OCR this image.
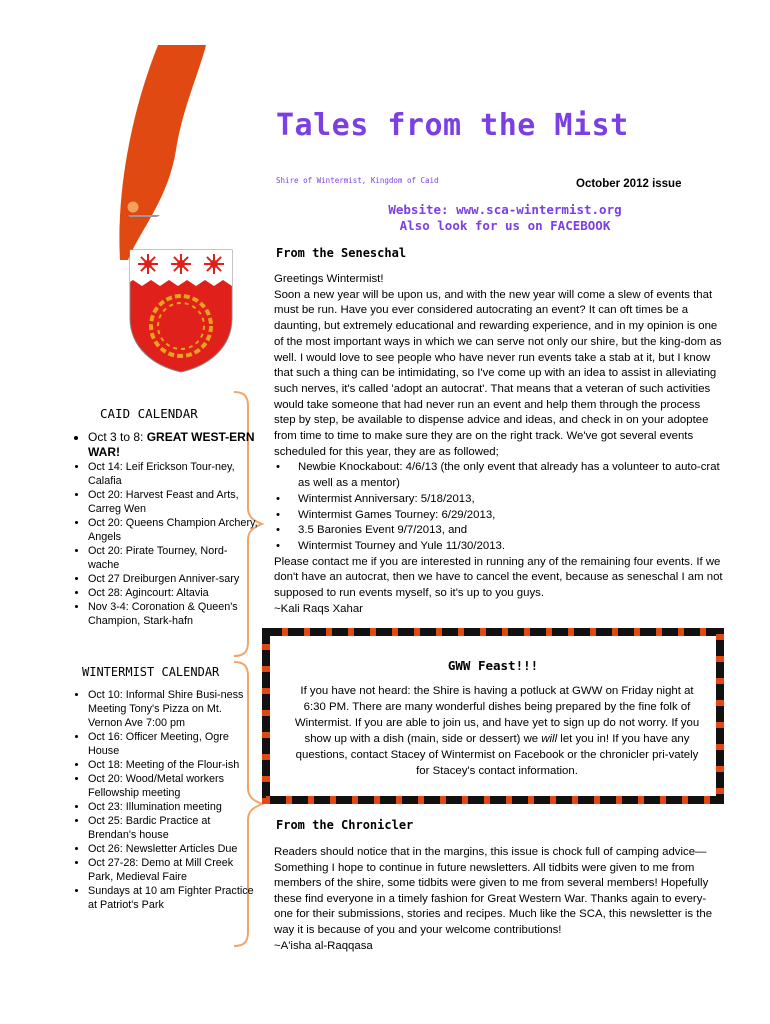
Tales from the Mist
Shire of Wintermist, Kingdom of Caid	October 2012 issue
Website: www.sca-wintermist.org
Also look for us on FACEBOOK
From the Seneschal

Greetings Wintermist!

Soon a new year will be upon us, and with the new year will come a slew of events that must be run. Have you ever considered autocrating an event? It can oft times be a daunting, but extremely educational and rewarding experience, and in my opinion is one of the most important ways in which we can serve not only our shire, but the king-dom as well. I would love to see people who have never run events take a stab at it, but I know that such a thing can be intimidating, so I've come up with an idea to assist in alleviating such nerves, it's called 'adopt an autocrat'. That means that a veteran of such activities would take someone that had never run an event and help them through the process step by step, be available to dispense advice and ideas, and check in on your adoptee from time to time to make sure they are on the right track. We've got several events scheduled for this year, they are as followed;

• Newbie Knockabout: 4/6/13 (the only event that already has a volunteer to auto-crat as well as a mentor)
• Wintermist Anniversary: 5/18/2013,
• Wintermist Games Tourney: 6/29/2013,
• 3.5 Baronies Event 9/7/2013, and
• Wintermist Tourney and Yule 11/30/2013.

Please contact me if you are interested in running any of the remaining four events. If we don't have an autocrat, then we have to cancel the event, because as seneschal I am not supposed to run events myself, so it's up to you guys.

~Kali Raqs Xahar

CAID CALENDAR
• Oct 3 to 8: GREAT WEST-ERN WAR!
• Oct 14: Leif Erickson Tour-ney, Calafia
• Oct 20: Harvest Feast and Arts, Carreg Wen
• Oct 20: Queens Champion Archery, Angels
• Oct 20: Pirate Tourney, Nord-wache
• Oct 27 Dreiburgen Anniver-sary
• Oct 28: Agincourt: Altavia
• Nov 3-4: Coronation & Queen's Champion, Stark-hafn
WINTERMIST CALENDAR
• Oct 10: Informal Shire Busi-ness Meeting Tony's Pizza on Mt. Vernon Ave 7:00 pm
• Oct 16: Officer Meeting, Ogre House
• Oct 18: Meeting of the Flour-ish
• Oct 20: Wood/Metal workers Fellowship meeting
• Oct 23: Illumination meeting
• Oct 25: Bardic Practice at Brendan's house
• Oct 26: Newsletter Articles Due
• Oct 27-28: Demo at Mill Creek Park, Medieval Faire
• Sundays at 10 am Fighter Practice at Patriot's Park
GWW Feast!!!
If you have not heard: the Shire is having a potluck at GWW on Friday night at 6:30 PM. There are many wonderful dishes being prepared by the fine folk of Wintermist. If you are able to join us, and have yet to sign up do not worry. If you show up with a dish (main, side or dessert) we will let you in! If you have any questions, contact Stacey of Wintermist on Facebook or the chronicler pri-vately for Stacey's contact information.
From the Chronicler

Readers should notice that in the margins, this issue is chock full of camping advice—Something I hope to continue in future newsletters. All tidbits were given to me from members of the shire, some tidbits were given to me from several members! Hopefully these find everyone in a timely fashion for Great Western War. Thanks again to every-one for their submissions, stories and recipes. Much like the SCA, this newsletter is the way it is because of you and your welcome contributions!

~A'isha al-Raqqasa
